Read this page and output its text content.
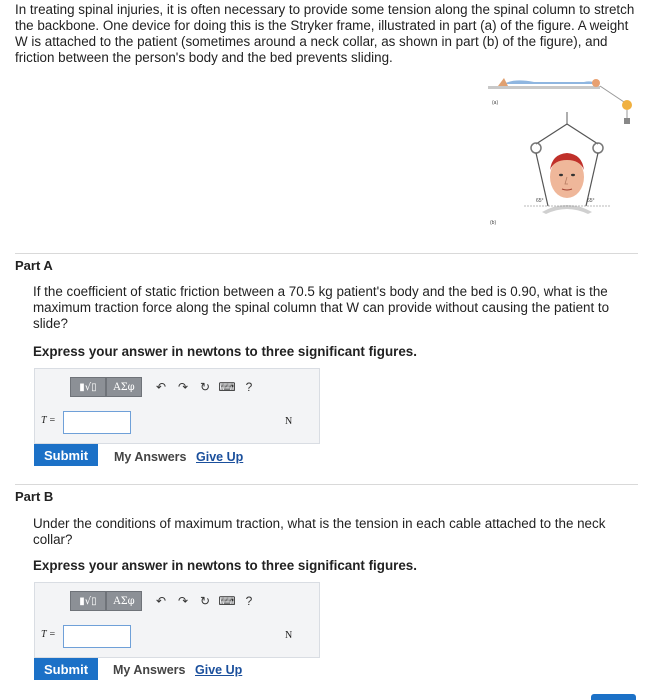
In treating spinal injuries, it is often necessary to provide some tension along the spinal column to stretch the backbone. One device for doing this is the Stryker frame, illustrated in part (a) of the figure. A weight W is attached to the patient (sometimes around a neck collar, as shown in part (b) of the figure), and friction between the person's body and the bed prevents sliding.
(a)
65°	65°
(b)
Part A
If the coefficient of static friction between a 70.5 kg patient's body and the bed is 0.90, what is the maximum traction force along the spinal column that W can provide without causing the patient to slide?
Express your answer in newtons to three significant figures.
▮√▯	ΑΣφ	↶ ↷ ↻ ⌨ ?
T =	N
Submit	My Answers Give Up
Part B
Under the conditions of maximum traction, what is the tension in each cable attached to the neck collar?
Express your answer in newtons to three significant figures.
▮√▯	ΑΣφ	↶ ↷ ↻ ⌨ ?
T =	N
Submit	My Answers Give Up
